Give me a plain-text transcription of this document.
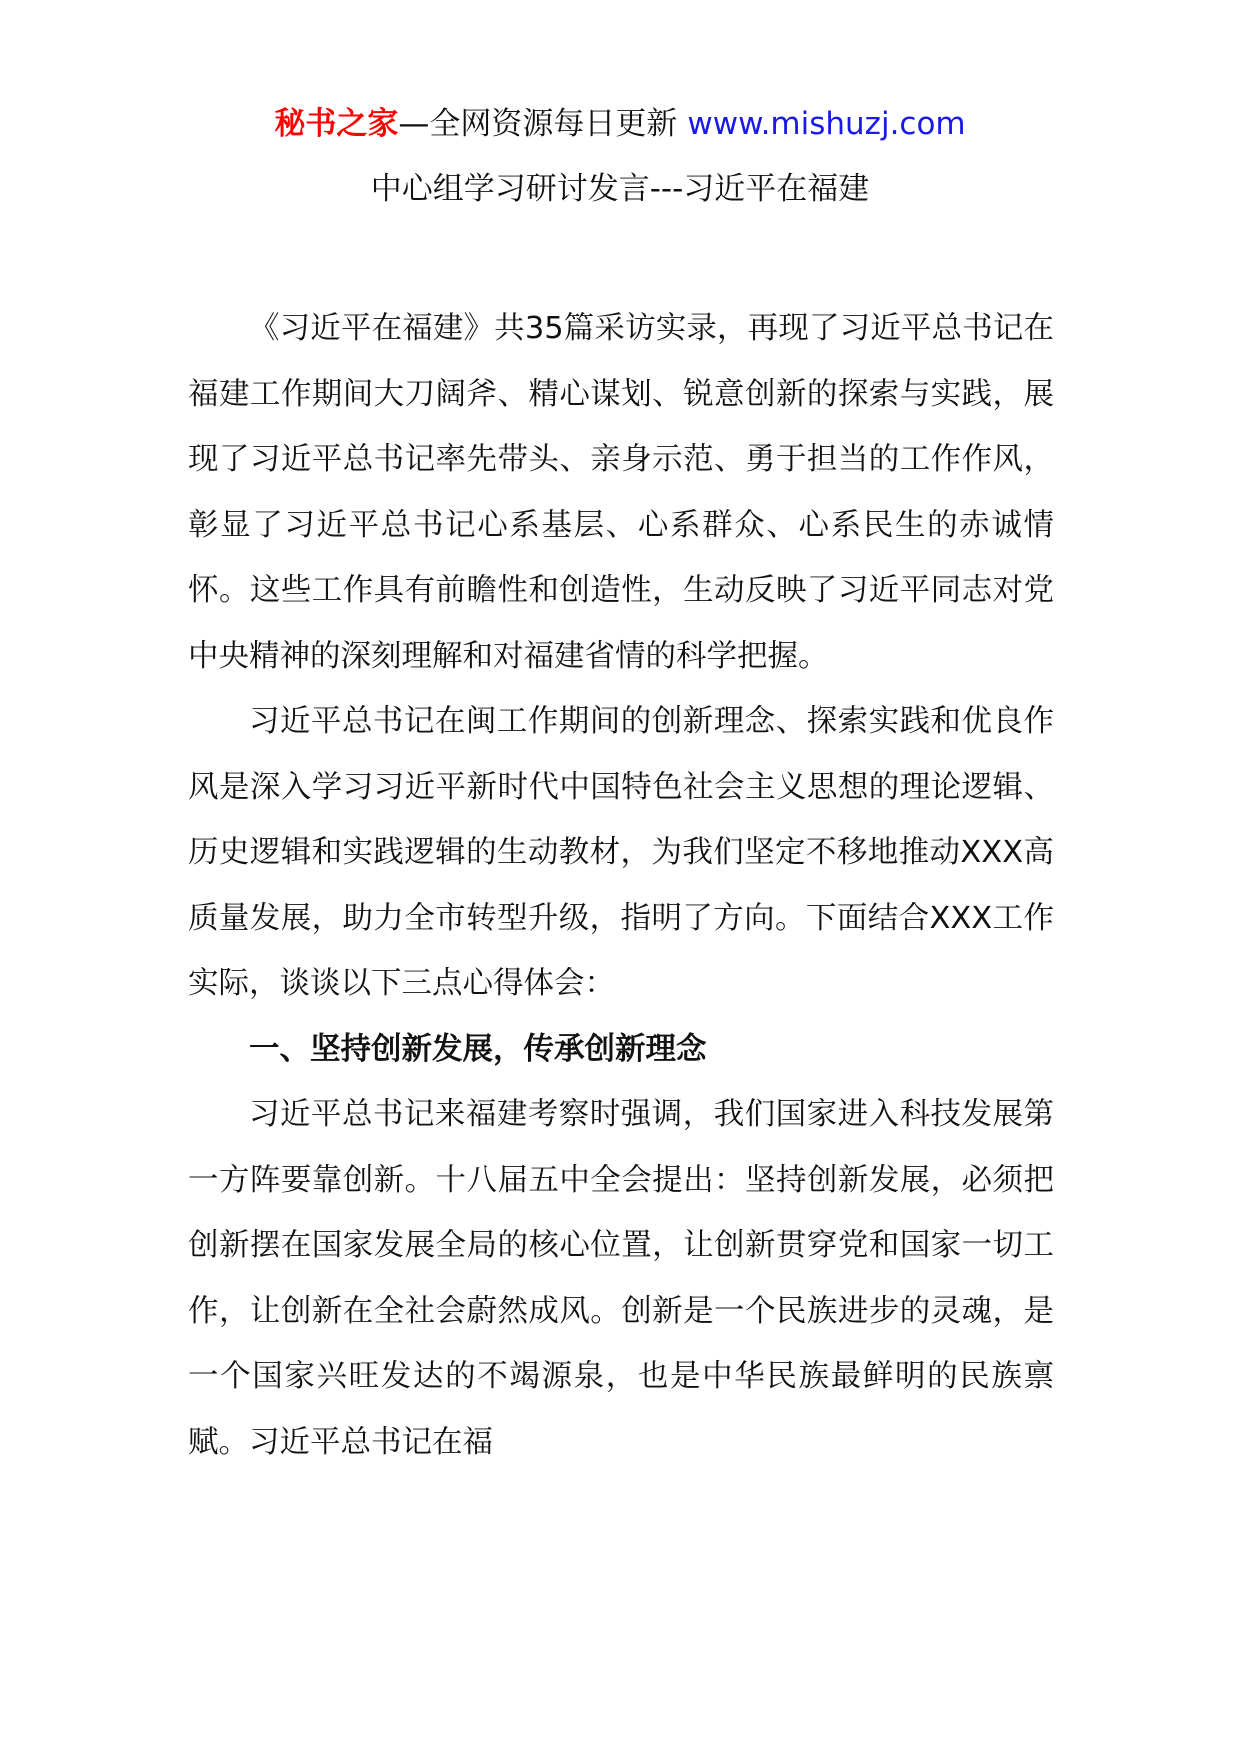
秘书之家—全网资源每日更新 www.mishuzj.com
中心组学习研讨发言---习近平在福建

《习近平在福建》共35篇采访实录，再现了习近平总书记在福建工作期间大刀阔斧、精心谋划、锐意创新的探索与实践，展现了习近平总书记率先带头、亲身示范、勇于担当的工作作风，彰显了习近平总书记心系基层、心系群众、心系民生的赤诚情怀。这些工作具有前瞻性和创造性，生动反映了习近平同志对党中央精神的深刻理解和对福建省情的科学把握。

习近平总书记在闽工作期间的创新理念、探索实践和优良作风是深入学习习近平新时代中国特色社会主义思想的理论逻辑、历史逻辑和实践逻辑的生动教材，为我们坚定不移地推动XXX高质量发展，助力全市转型升级，指明了方向。下面结合XXX工作实际，谈谈以下三点心得体会：

一、坚持创新发展，传承创新理念

习近平总书记来福建考察时强调，我们国家进入科技发展第一方阵要靠创新。十八届五中全会提出：坚持创新发展，必须把创新摆在国家发展全局的核心位置，让创新贯穿党和国家一切工作，让创新在全社会蔚然成风。创新是一个民族进步的灵魂，是一个国家兴旺发达的不竭源泉，也是中华民族最鲜明的民族禀赋。习近平总书记在福
